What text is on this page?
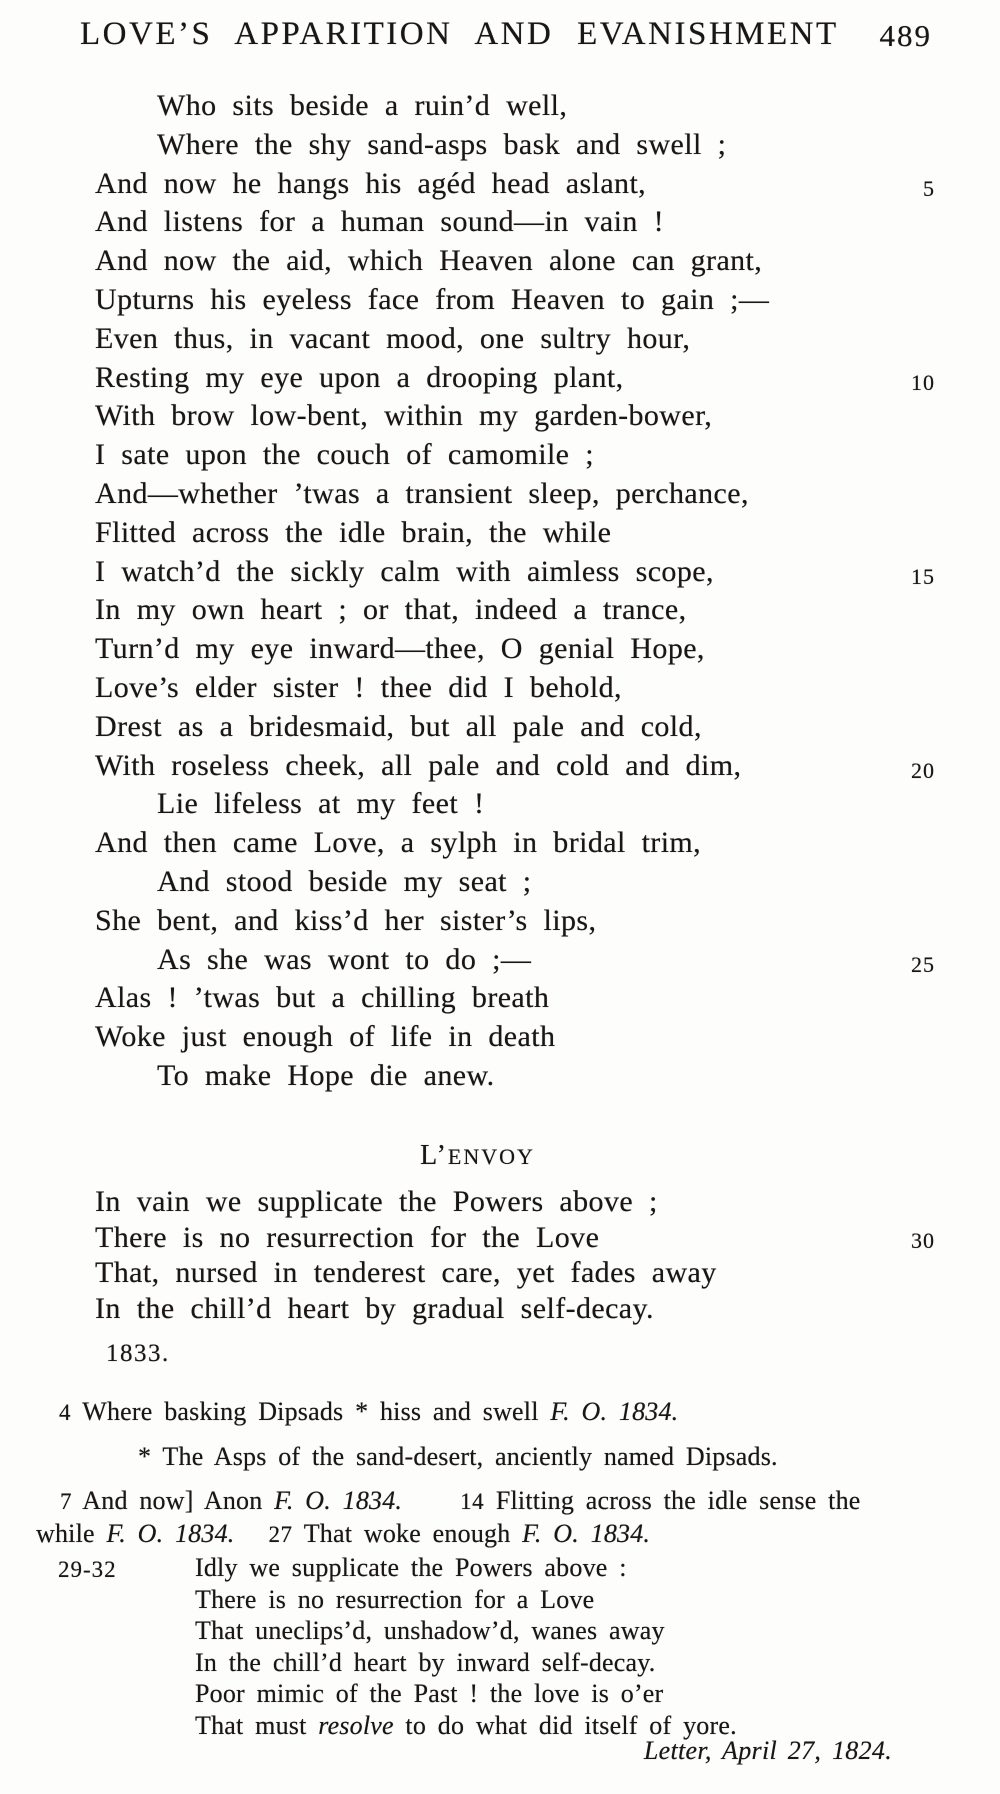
LOVE’S APPARITION AND EVANISHMENT 489
Who sits beside a ruin’d well,
Where the shy sand-asps bask and swell ;
And now he hangs his agéd head aslant,	5
And listens for a human sound—in vain !
And now the aid, which Heaven alone can grant,
Upturns his eyeless face from Heaven to gain ;—
Even thus, in vacant mood, one sultry hour,
Resting my eye upon a drooping plant,	10
With brow low-bent, within my garden-bower,
I sate upon the couch of camomile ;
And—whether ’twas a transient sleep, perchance,
Flitted across the idle brain, the while
I watch’d the sickly calm with aimless scope,	15
In my own heart ; or that, indeed a trance,
Turn’d my eye inward—thee, O genial Hope,
Love’s elder sister ! thee did I behold,
Drest as a bridesmaid, but all pale and cold,
With roseless cheek, all pale and cold and dim,	20
Lie lifeless at my feet !
And then came Love, a sylph in bridal trim,
And stood beside my seat ;
She bent, and kiss’d her sister’s lips,
As she was wont to do ;—	25
Alas ! ’twas but a chilling breath
Woke just enough of life in death
To make Hope die anew.
L’ENVOY
In vain we supplicate the Powers above ;
There is no resurrection for the Love	30
That, nursed in tenderest care, yet fades away
In the chill’d heart by gradual self-decay.
1833.
4 Where basking Dipsads * hiss and swell F. O. 1834.
* The Asps of the sand-desert, anciently named Dipsads.
7 And now] Anon F. O. 1834.	14 Flitting across the idle sense the
while F. O. 1834. 27 That woke enough F. O. 1834.
29-32	Idly we supplicate the Powers above :
There is no resurrection for a Love
That uneclips’d, unshadow’d, wanes away
In the chill’d heart by inward self-decay.
Poor mimic of the Past ! the love is o’er
That must resolve to do what did itself of yore.
Letter, April 27, 1824.
